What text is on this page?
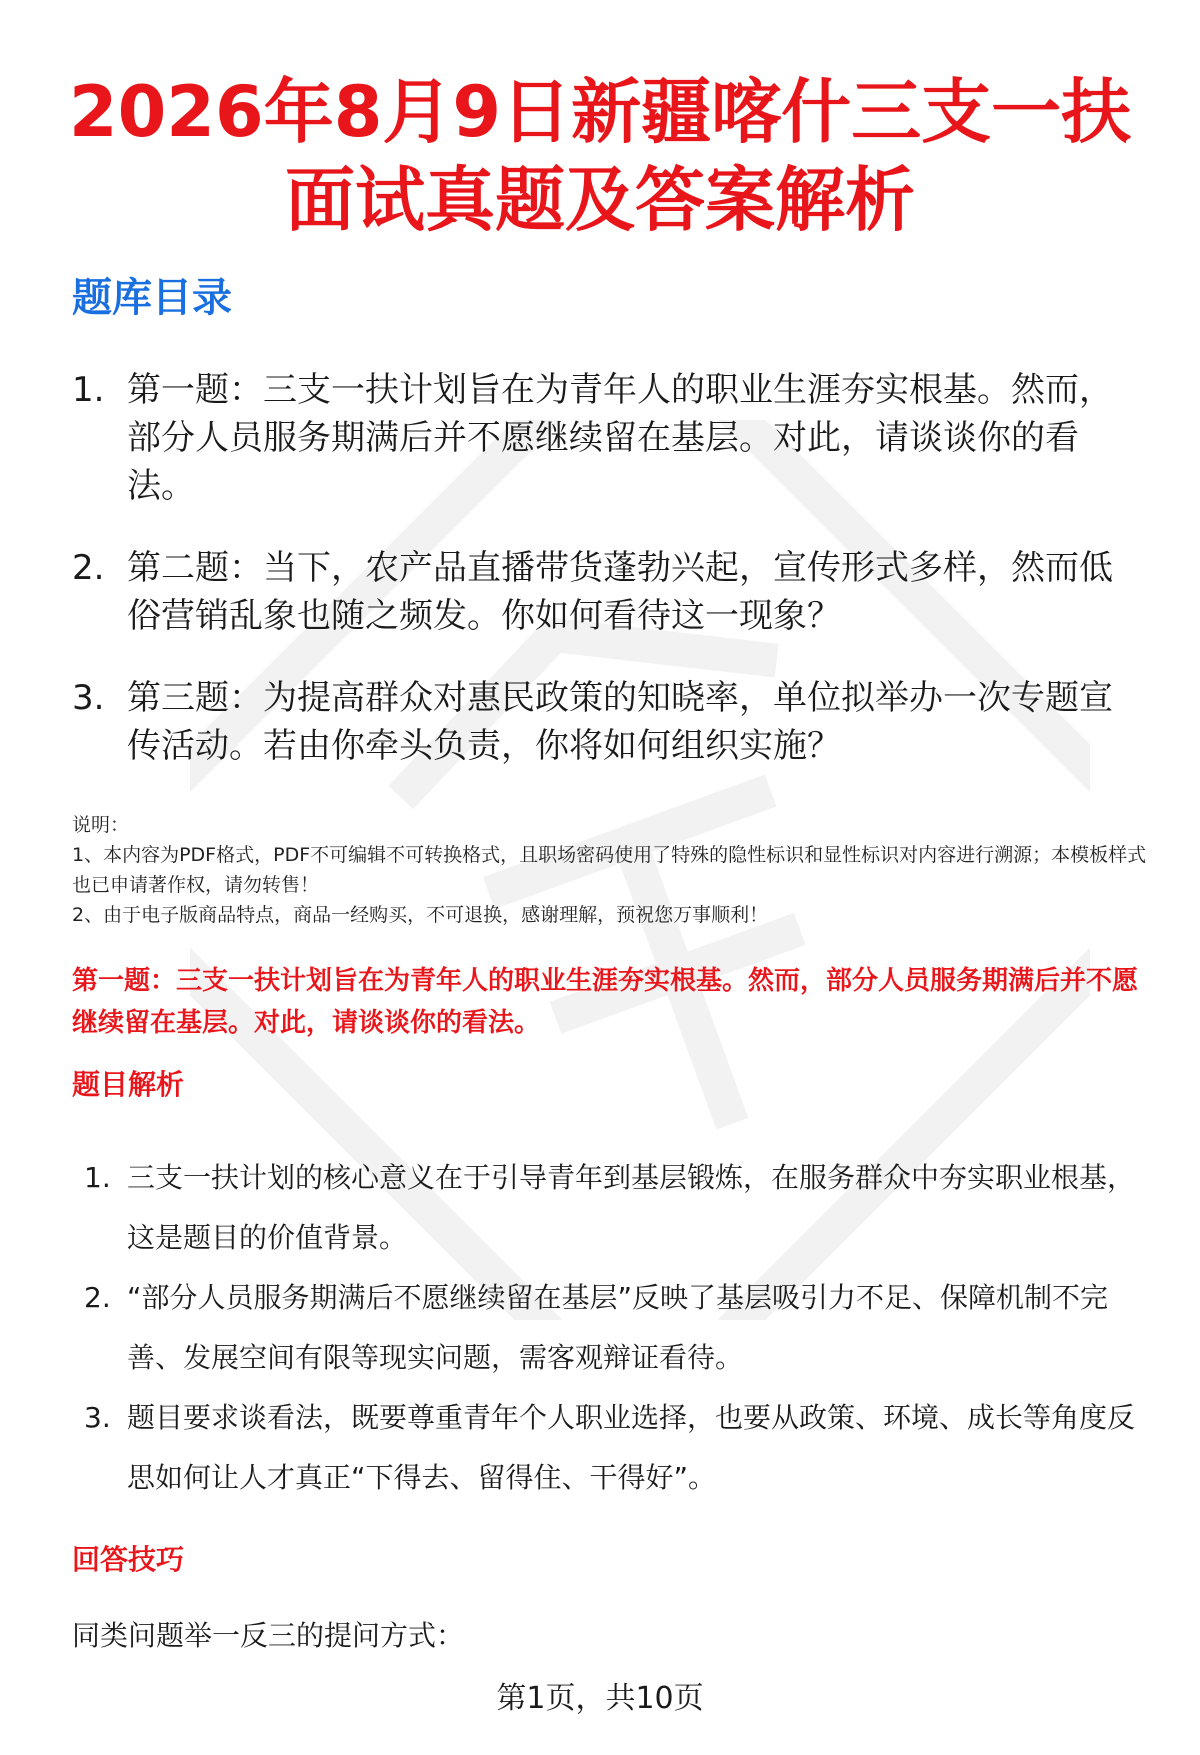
2026年8月9日新疆喀什三支一扶面试真题及答案解析
题库目录
1. 第一题：三支一扶计划旨在为青年人的职业生涯夯实根基。然而，部分人员服务期满后并不愿继续留在基层。对此，请谈谈你的看法。
2. 第二题：当下，农产品直播带货蓬勃兴起，宣传形式多样，然而低俗营销乱象也随之频发。你如何看待这一现象？
3. 第三题：为提高群众对惠民政策的知晓率，单位拟举办一次专题宣传活动。若由你牵头负责，你将如何组织实施？

说明：

1、本内容为PDF格式，PDF不可编辑不可转换格式，且职场密码使用了特殊的隐性标识和显性标识对内容进行溯源；本模板样式也已申请著作权，请勿转售！

2、由于电子版商品特点，商品一经购买，不可退换，感谢理解，预祝您万事顺利！

第一题：三支一扶计划旨在为青年人的职业生涯夯实根基。然而，部分人员服务期满后并不愿继续留在基层。对此，请谈谈你的看法。
题目解析
1. 三支一扶计划的核心意义在于引导青年到基层锻炼，在服务群众中夯实职业根基，这是题目的价值背景。
2. “部分人员服务期满后不愿继续留在基层”反映了基层吸引力不足、保障机制不完善、发展空间有限等现实问题，需客观辩证看待。
3. 题目要求谈看法，既要尊重青年个人职业选择，也要从政策、环境、成长等角度反思如何让人才真正“下得去、留得住、干得好”。
回答技巧

同类问题举一反三的提问方式：

第1页，共10页
